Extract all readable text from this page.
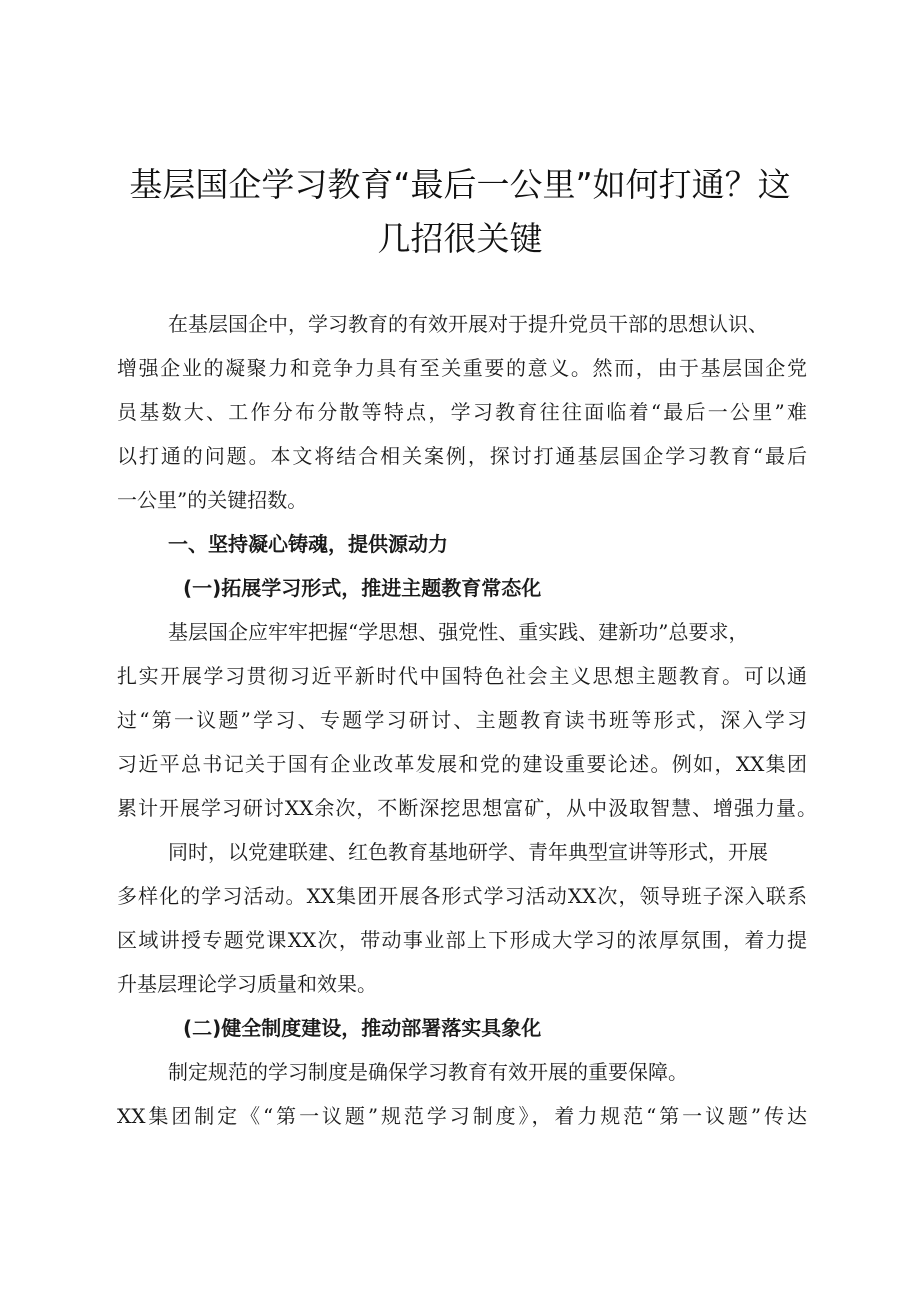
基层国企学习教育“最后一公里”如何打通？这
几招很关键
在基层国企中，学习教育的有效开展对于提升党员干部的思想认识、
增强企业的凝聚力和竞争力具有至关重要的意义。然而，由于基层国企党
员基数大、工作分布分散等特点，学习教育往往面临着“最后一公里”难
以打通的问题。本文将结合相关案例，探讨打通基层国企学习教育“最后
一公里”的关键招数。
一、坚持凝心铸魂，提供源动力
(一)拓展学习形式，推进主题教育常态化
基层国企应牢牢把握“学思想、强党性、重实践、建新功”总要求，
扎实开展学习贯彻习近平新时代中国特色社会主义思想主题教育。可以通
过“第一议题”学习、专题学习研讨、主题教育读书班等形式，深入学习
习近平总书记关于国有企业改革发展和党的建设重要论述。例如，XX集团
累计开展学习研讨XX余次，不断深挖思想富矿，从中汲取智慧、增强力量。
同时，以党建联建、红色教育基地研学、青年典型宣讲等形式，开展
多样化的学习活动。XX集团开展各形式学习活动XX次，领导班子深入联系
区域讲授专题党课XX次，带动事业部上下形成大学习的浓厚氛围，着力提
升基层理论学习质量和效果。
(二)健全制度建设，推动部署落实具象化
制定规范的学习制度是确保学习教育有效开展的重要保障。
XX集团制定《“第一议题”规范学习制度》，着力规范“第一议题”传达
